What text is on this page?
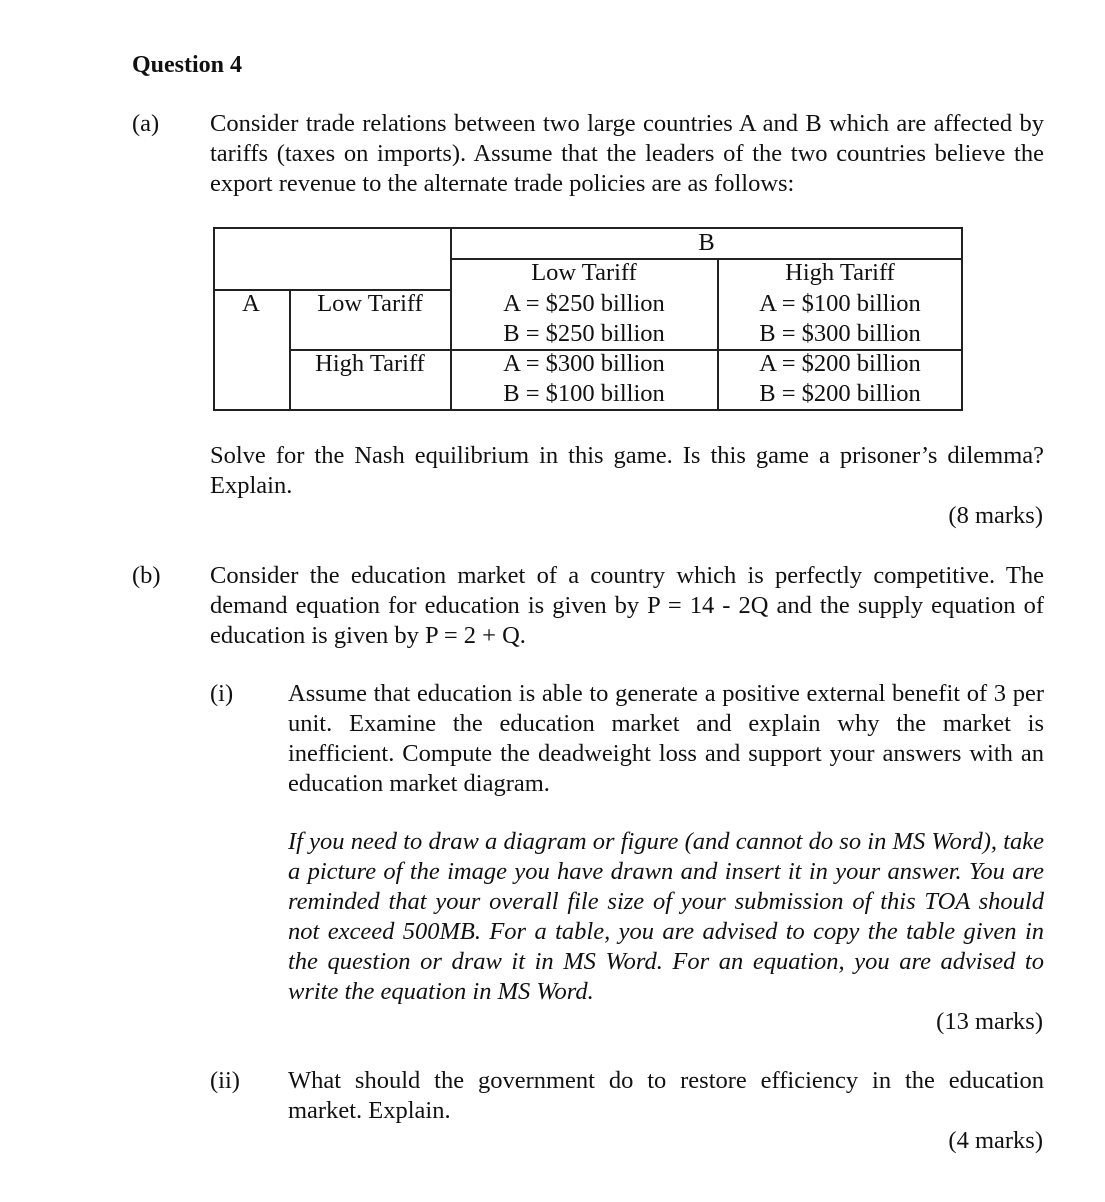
Question 4
(a) Consider trade relations between two large countries A and B which are affected by tariffs (taxes on imports). Assume that the leaders of the two countries believe the export revenue to the alternate trade policies are as follows:
B
Low Tariff	High Tariff
A	Low Tariff
High Tariff
A = $250 billion
B = $250 billion
A = $100 billion
B = $300 billion
A = $300 billion
B = $100 billion
A = $200 billion
B = $200 billion
Solve for the Nash equilibrium in this game. Is this game a prisoner’s dilemma? Explain.
(8 marks)
(b) Consider the education market of a country which is perfectly competitive. The demand equation for education is given by P = 14 - 2Q and the supply equation of education is given by P = 2 + Q.
(i) Assume that education is able to generate a positive external benefit of 3 per unit. Examine the education market and explain why the market is inefficient. Compute the deadweight loss and support your answers with an education market diagram.
If you need to draw a diagram or figure (and cannot do so in MS Word), take a picture of the image you have drawn and insert it in your answer. You are reminded that your overall file size of your submission of this TOA should not exceed 500MB. For a table, you are advised to copy the table given in the question or draw it in MS Word. For an equation, you are advised to write the equation in MS Word.
(13 marks)
(ii) What should the government do to restore efficiency in the education market. Explain.
(4 marks)
